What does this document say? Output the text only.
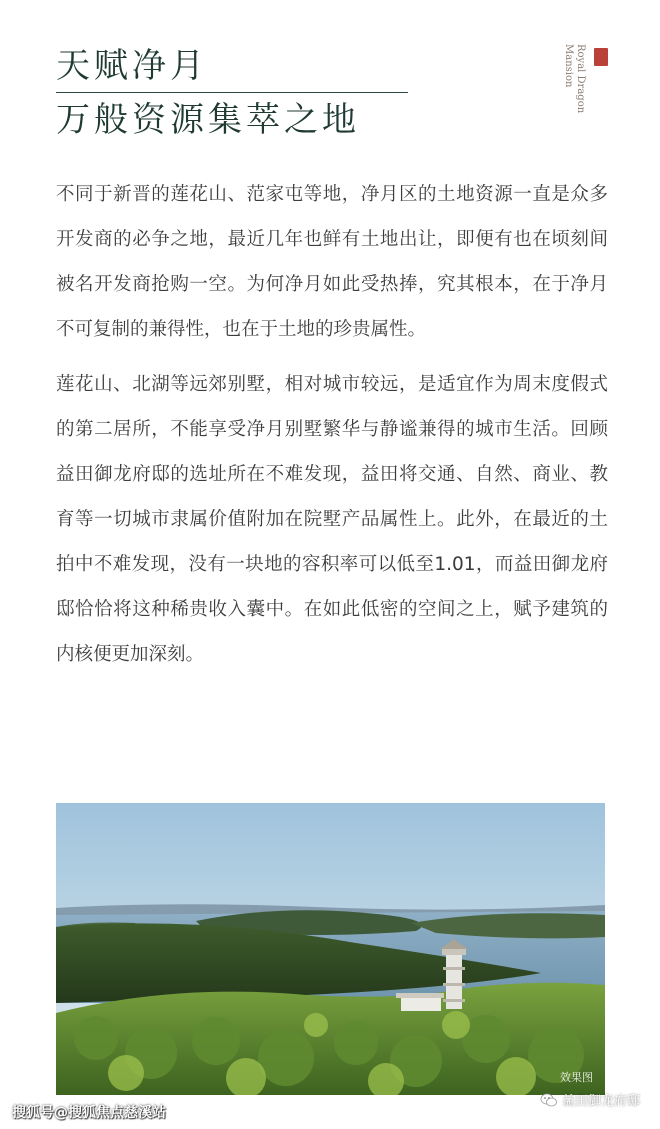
天赋净月
万般资源集萃之地
Royal Dragon
Mansion

不同于新晋的莲花山、范家屯等地，净月区的土地资源一直是众多开发商的必争之地，最近几年也鲜有土地出让，即便有也在顷刻间被名开发商抢购一空。为何净月如此受热捧，究其根本，在于净月不可复制的兼得性，也在于土地的珍贵属性。

莲花山、北湖等远郊别墅，相对城市较远，是适宜作为周末度假式的第二居所，不能享受净月别墅繁华与静谧兼得的城市生活。回顾益田御龙府邸的选址所在不难发现，益田将交通、自然、商业、教育等一切城市隶属价值附加在院墅产品属性上。此外，在最近的土拍中不难发现，没有一块地的容积率可以低至1.01，而益田御龙府邸恰恰将这种稀贵收入囊中。在如此低密的空间之上，赋予建筑的内核便更加深刻。

效果图
搜狐号@搜狐焦点慈溪站
益田御龙府邸
